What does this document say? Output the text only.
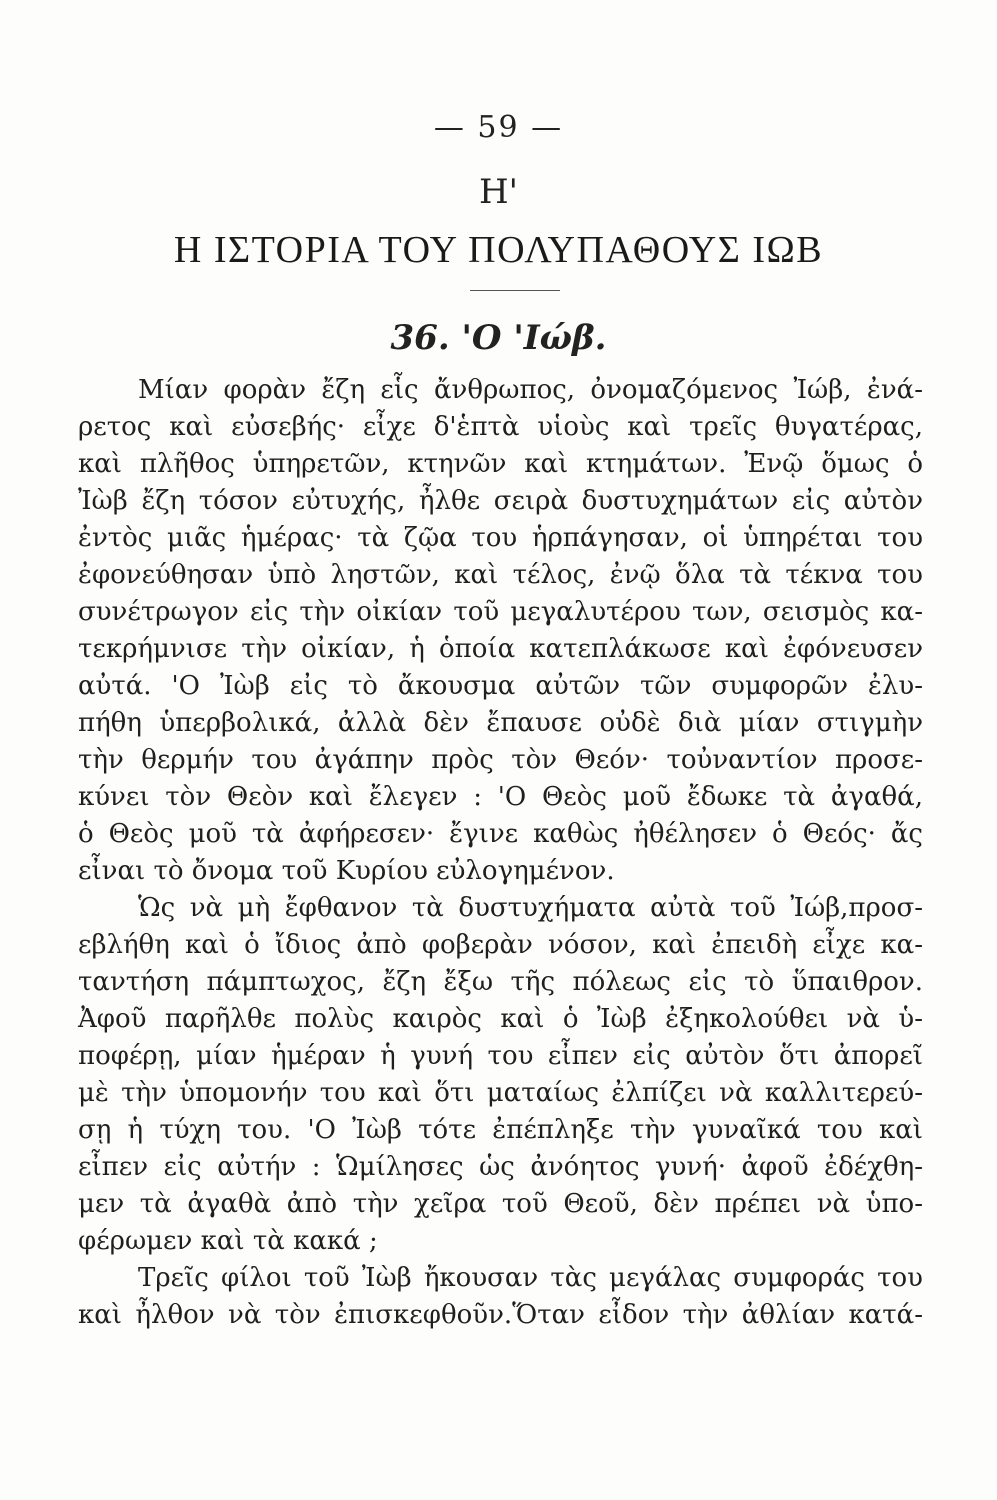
— 59 —
Η'
Η ΙΣΤΟΡΙΑ ΤΟΥ ΠΟΛΥΠΑΘΟΥΣ ΙΩΒ
36. 'Ο 'Ιώβ.
Μίαν φορὰν ἔζη εἷς ἄνθρωπος, ὀνομαζόμενος Ἰώβ, ἐνά-
ρετος καὶ εὐσεβής· εἶχε δ'ἑπτὰ υἱοὺς καὶ τρεῖς θυγατέρας,
καὶ πλῆθος ὑπηρετῶν, κτηνῶν καὶ κτημάτων. Ἐνῷ ὅμως ὁ
Ἰὼβ ἔζη τόσον εὐτυχής, ἦλθε σειρὰ δυστυχημάτων εἰς αὐτὸν
ἐντὸς μιᾶς ἡμέρας· τὰ ζῷα του ἡρπάγησαν, οἱ ὑπηρέται του
ἐφονεύθησαν ὑπὸ ληστῶν, καὶ τέλος, ἐνῷ ὅλα τὰ τέκνα του
συνέτρωγον εἰς τὴν οἰκίαν τοῦ μεγαλυτέρου των, σεισμὸς κα-
τεκρήμνισε τὴν οἰκίαν, ἡ ὁποία κατεπλάκωσε καὶ ἐφόνευσεν
αὐτά. 'Ο Ἰὼβ εἰς τὸ ἄκουσμα αὐτῶν τῶν συμφορῶν ἐλυ-
πήθη ὑπερβολικά, ἀλλὰ δὲν ἔπαυσε οὐδὲ διὰ μίαν στιγμὴν
τὴν θερμήν του ἀγάπην πρὸς τὸν Θεόν· τοὐναντίον προσε-
κύνει τὸν Θεὸν καὶ ἔλεγεν : 'Ο Θεὸς μοῦ ἔδωκε τὰ ἀγαθά,
ὁ Θεὸς μοῦ τὰ ἀφήρεσεν· ἔγινε καθὼς ἠθέλησεν ὁ Θεός· ἄς
εἶναι τὸ ὄνομα τοῦ Κυρίου εὐλογημένον.
Ὡς νὰ μὴ ἔφθανον τὰ δυστυχήματα αὐτὰ τοῦ Ἰώβ,προσ-
εβλήθη καὶ ὁ ἴδιος ἀπὸ φοβερὰν νόσον, καὶ ἐπειδὴ εἶχε κα-
ταντήση πάμπτωχος, ἔζη ἔξω τῆς πόλεως εἰς τὸ ὕπαιθρον.
Ἀφοῦ παρῆλθε πολὺς καιρὸς καὶ ὁ Ἰὼβ ἐξηκολούθει νὰ ὑ-
ποφέρῃ, μίαν ἡμέραν ἡ γυνή του εἶπεν εἰς αὐτὸν ὅτι ἀπορεῖ
μὲ τὴν ὑπομονήν του καὶ ὅτι ματαίως ἐλπίζει νὰ καλλιτερεύ-
σῃ ἡ τύχη του. 'Ο Ἰὼβ τότε ἐπέπληξε τὴν γυναῖκά του καὶ
εἶπεν εἰς αὐτήν : Ὡμίλησες ὡς ἀνόητος γυνή· ἀφοῦ ἐδέχθη-
μεν τὰ ἀγαθὰ ἀπὸ τὴν χεῖρα τοῦ Θεοῦ, δὲν πρέπει νὰ ὑπο-
φέρωμεν καὶ τὰ κακά ;
Τρεῖς φίλοι τοῦ Ἰὼβ ἤκουσαν τὰς μεγάλας συμφοράς του
καὶ ἦλθον νὰ τὸν ἐπισκεφθοῦν.Ὅταν εἶδον τὴν ἀθλίαν κατά-
